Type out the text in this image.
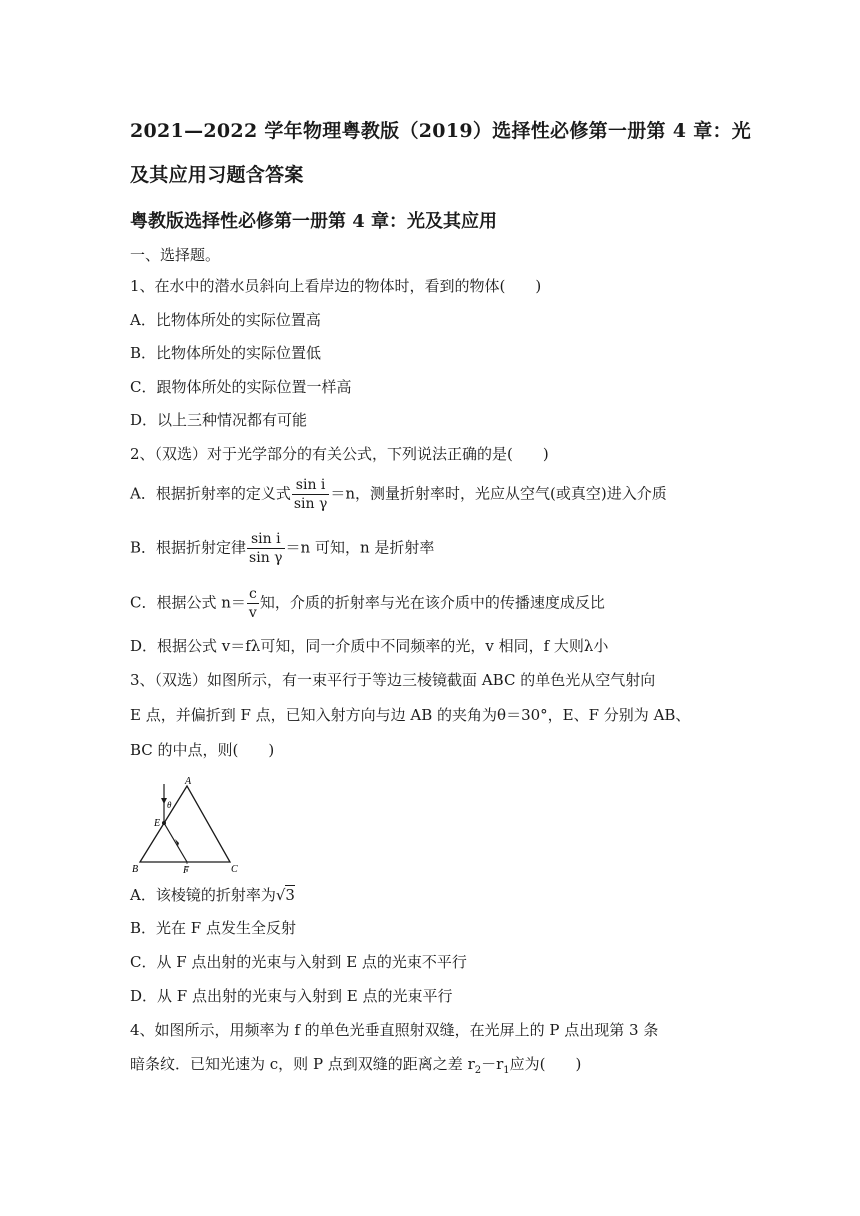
2021—2022 学年物理粤教版（2019）选择性必修第一册第 4 章：光
及其应用习题含答案
粤教版选择性必修第一册第 4 章：光及其应用
一、选择题。
1、在水中的潜水员斜向上看岸边的物体时，看到的物体(　　)
A．比物体所处的实际位置高
B．比物体所处的实际位置低
C．跟物体所处的实际位置一样高
D．以上三种情况都有可能
2、（双选）对于光学部分的有关公式，下列说法正确的是(　　)
A．根据折射率的定义式 $\frac{\text{sin i}}{\text{sin γ}} =n$，测量折射率时，光应从空气(或真空)进入介质
B．根据折射定律 $\frac{\text{sin i}}{\text{sin γ}} =n$ 可知，n 是折射率
C．根据公式 $n= \frac{c}{v}$ 知，介质的折射率与光在该介质中的传播速度成反比
D．根据公式 v＝fλ可知，同一介质中不同频率的光，v 相同，f 大则λ小
3、（双选）如图所示，有一束平行于等边三棱镜截面 ABC 的单色光从空气射向
E 点，并偏折到 F 点，已知入射方向与边 AB 的夹角为θ＝30°，E、F 分别为 AB、
BC 的中点，则(　　)
A
B	C
E
F
θ
A．该棱镜的折射率为√3
B．光在 F 点发生全反射
C．从 F 点出射的光束与入射到 E 点的光束不平行
D．从 F 点出射的光束与入射到 E 点的光束平行
4、如图所示，用频率为 f 的单色光垂直照射双缝，在光屏上的 P 点出现第 3 条
暗条纹．已知光速为 c，则 P 点到双缝的距离之差 $r_2-r_1$应为(　　)
